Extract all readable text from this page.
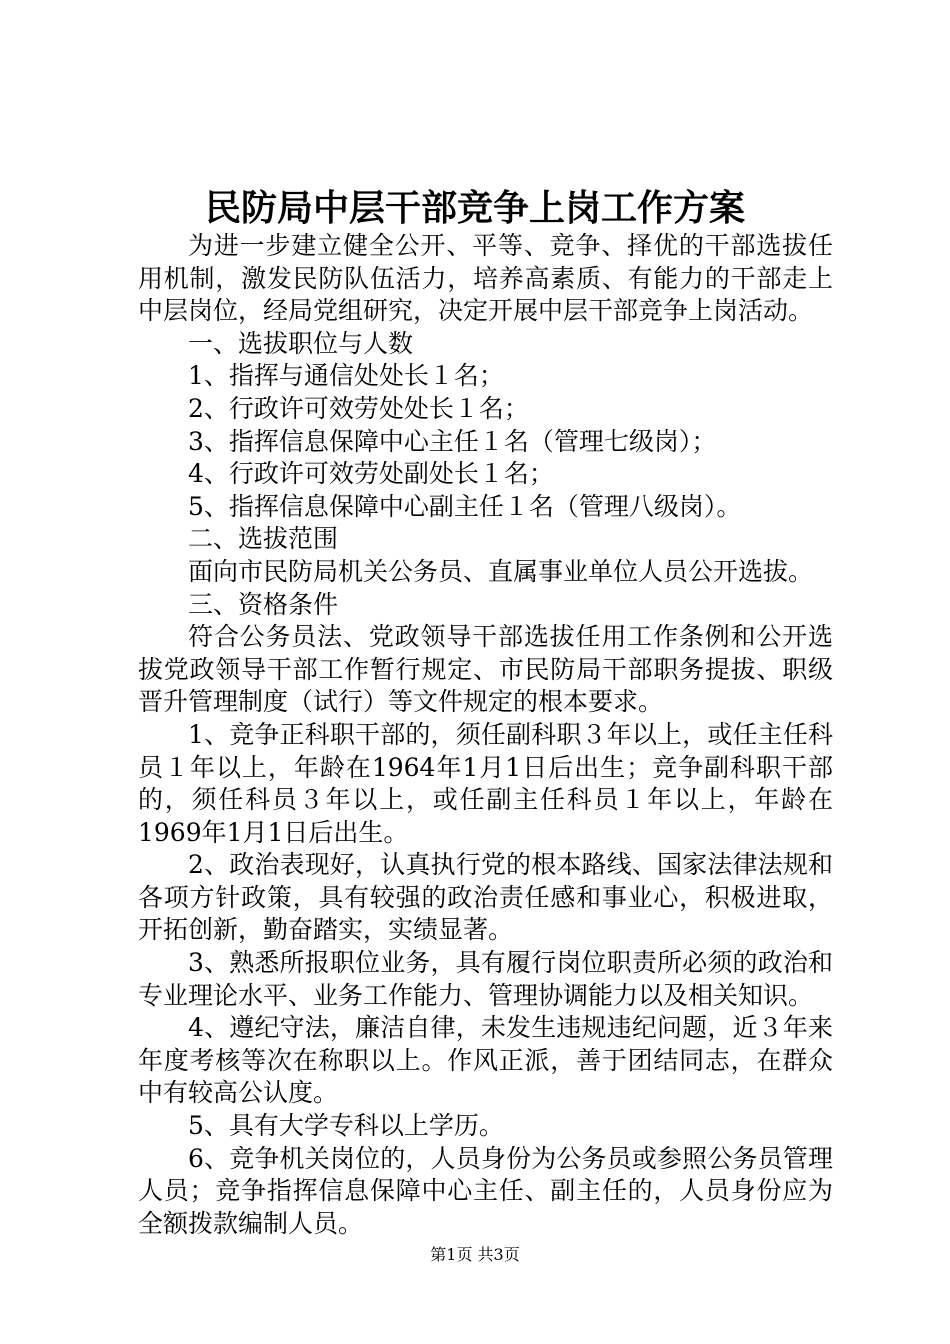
民防局中层干部竞争上岗工作方案

为进一步建立健全公开、平等、竞争、择优的干部选拔任用机制，激发民防队伍活力，培养高素质、有能力的干部走上中层岗位，经局党组研究，决定开展中层干部竞争上岗活动。

一、选拔职位与人数

1、指挥与通信处处长１名；

2、行政许可效劳处处长１名；

3、指挥信息保障中心主任１名（管理七级岗）；

4、行政许可效劳处副处长１名；

5、指挥信息保障中心副主任１名（管理八级岗）。

二、选拔范围

面向市民防局机关公务员、直属事业单位人员公开选拔。

三、资格条件

符合公务员法、党政领导干部选拔任用工作条例和公开选拔党政领导干部工作暂行规定、市民防局干部职务提拔、职级晋升管理制度（试行）等文件规定的根本要求。

1、竞争正科职干部的，须任副科职３年以上，或任主任科员１年以上，年龄在1964年1月1日后出生；竞争副科职干部的，须任科员３年以上，或任副主任科员１年以上，年龄在1969年1月1日后出生。

2、政治表现好，认真执行党的根本路线、国家法律法规和各项方针政策，具有较强的政治责任感和事业心，积极进取，开拓创新，勤奋踏实，实绩显著。

3、熟悉所报职位业务，具有履行岗位职责所必须的政治和专业理论水平、业务工作能力、管理协调能力以及相关知识。

4、遵纪守法，廉洁自律，未发生违规违纪问题，近３年来年度考核等次在称职以上。作风正派，善于团结同志，在群众中有较高公认度。

5、具有大学专科以上学历。

6、竞争机关岗位的，人员身份为公务员或参照公务员管理人员；竞争指挥信息保障中心主任、副主任的，人员身份应为全额拨款编制人员。

第1页 共3页
